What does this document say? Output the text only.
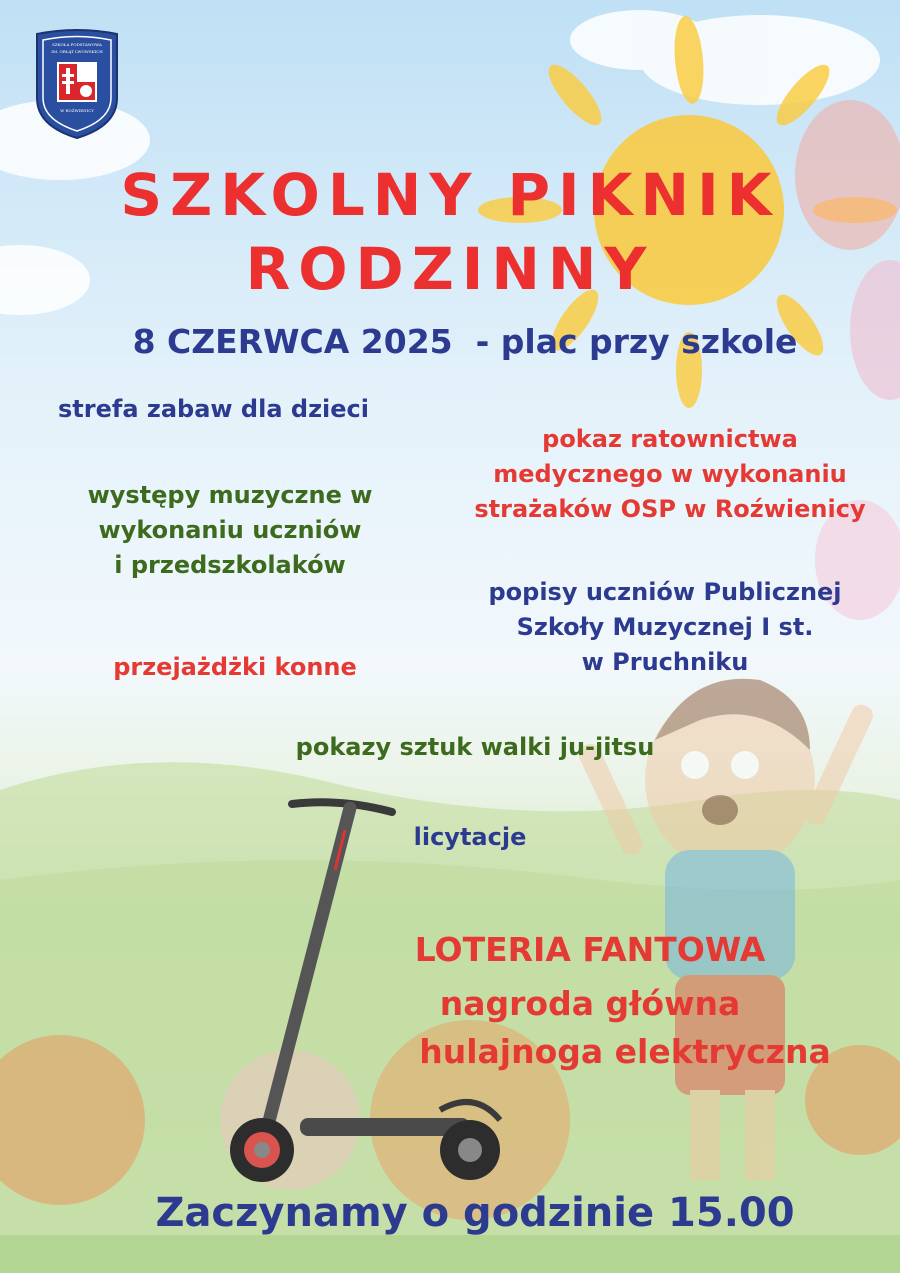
SZKOŁA PODSTAWOWA
IM. ORŁĄT LWOWSKICH
W ROŹWIENICY
SZKOLNY PIKNIK
RODZINNY
8 CZERWCA 2025  - plac przy szkole
strefa zabaw dla dzieci
pokaz ratownictwa
medycznego w wykonaniu
strażaków OSP w Roźwienicy
występy muzyczne w
wykonaniu uczniów
i przedszkolaków
popisy uczniów Publicznej
Szkoły Muzycznej I st.
w Pruchniku
przejażdżki konne
pokazy sztuk walki ju-jitsu
licytacje
LOTERIA FANTOWA
nagroda główna
hulajnoga elektryczna
Zaczynamy o godzinie 15.00
